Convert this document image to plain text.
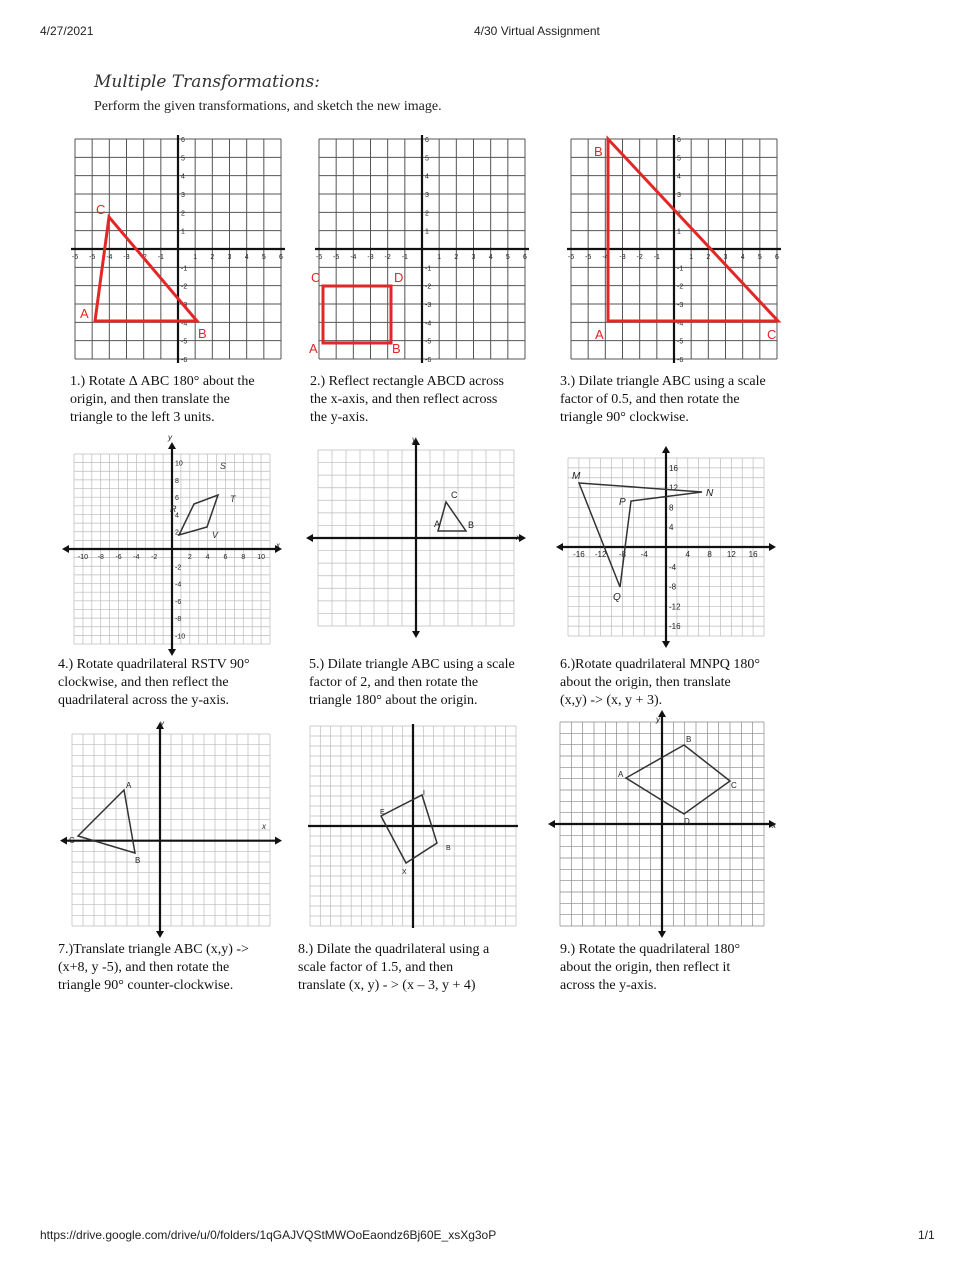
4/27/2021	4/30 Virtual Assignment
Multiple Transformations:
Perform the given transformations, and sketch the new image.
-6 -5 -4 -3 -2 -1	1 2 3 4 5 6
6
5
4
3
2
1
-1
-2
-3
-4
-5
-6
A
B
C
1.) Rotate Δ ABC 180° about the
origin, and then translate the
triangle to the left 3 units.
-6 -5 -4 -3 -2 -1	1 2 3 4 5 6
6
5
4
3
2
1
-1
-2
-3
-4
-5
-6
A	B
C	D
2.) Reflect rectangle ABCD across
the x-axis, and then reflect across
the y-axis.
-6 -5 -4 -3 -2 -1	1 2 3 4 5 6
6
5
4
3
2
1
-1
-2
-3
-4
-5
-6
A
B
C
3.) Dilate triangle ABC using a scale
factor of 0.5, and then rotate the
triangle 90° clockwise.
-10 -8 -6 -4 -2	2 4 6 8 10
10
8
6
4
2
-2
-4
-6
-8
-10
R
S
T
V
y
x
4.) Rotate quadrilateral RSTV 90°
clockwise, and then reflect the
quadrilateral across the y-axis.
A	B
C
x
y
5.) Dilate triangle ABC using a scale
factor of 2, and then rotate the
triangle 180° about the origin.
-16 -12 -8 -4	4 8 12 16
16
12
8
4
-4
-8
-12
-16
M
N
P
Q
6.)Rotate quadrilateral MNPQ 180°
about the origin, then translate
(x,y) -> (x, y + 3).
A
B
C
x
y
7.)Translate triangle ABC (x,y) ->
(x+8, y -5), and then rotate the
triangle 90° counter-clockwise.
E
I
B
X
8.) Dilate the quadrilateral using a
scale factor of 1.5, and then
translate (x, y) - > (x – 3, y + 4)
A
B
C
D	x
y
9.) Rotate the quadrilateral 180°
about the origin, then reflect it
across the y-axis.
https://drive.google.com/drive/u/0/folders/1qGAJVQStMWOoEaondz6Bj60E_xsXg3oP	1/1
